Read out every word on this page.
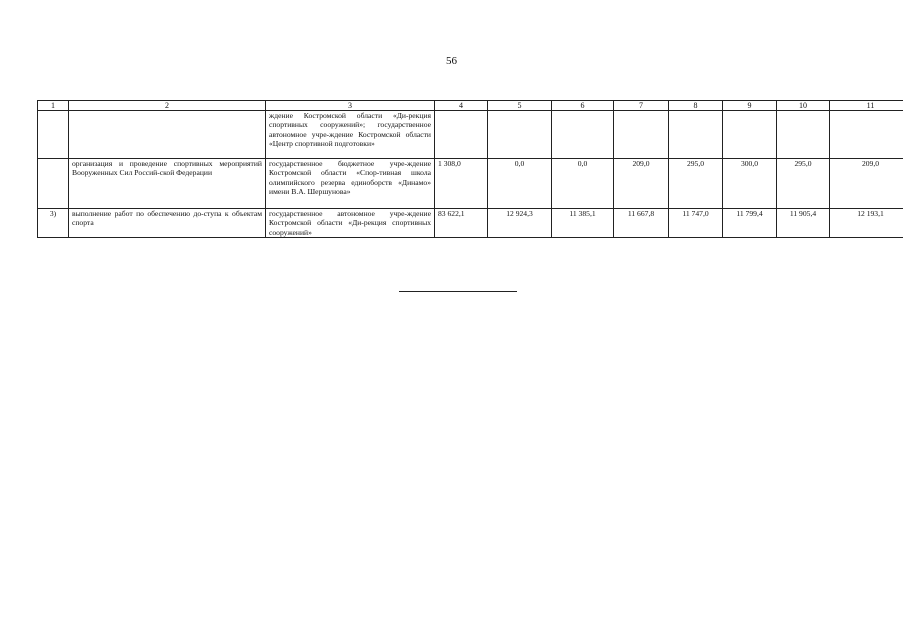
56
1	2	3	4	5	6	7	8	9	10	11
		ждение Костромской области «Ди-рекция спортивных сооружений»; государственное автономное учре-ждение Костромской области «Центр спортивной подготовки»								
	организация и проведение спортивных мероприятий Вооруженных Сил Россий-ской Федерации	государственное бюджетное учре-ждение Костромской области «Спор-тивная школа олимпийского резерва единоборств «Динамо» имени В.А. Шершунова»	1 308,0	0,0	0,0	209,0	295,0	300,0	295,0	209,0
3)	выполнение работ по обеспечению до-ступа к объектам спорта	государственное автономное учре-ждение Костромской области «Ди-рекция спортивных сооружений»	83 622,1	12 924,3	11 385,1	11 667,8	11 747,0	11 799,4	11 905,4	12 193,1
